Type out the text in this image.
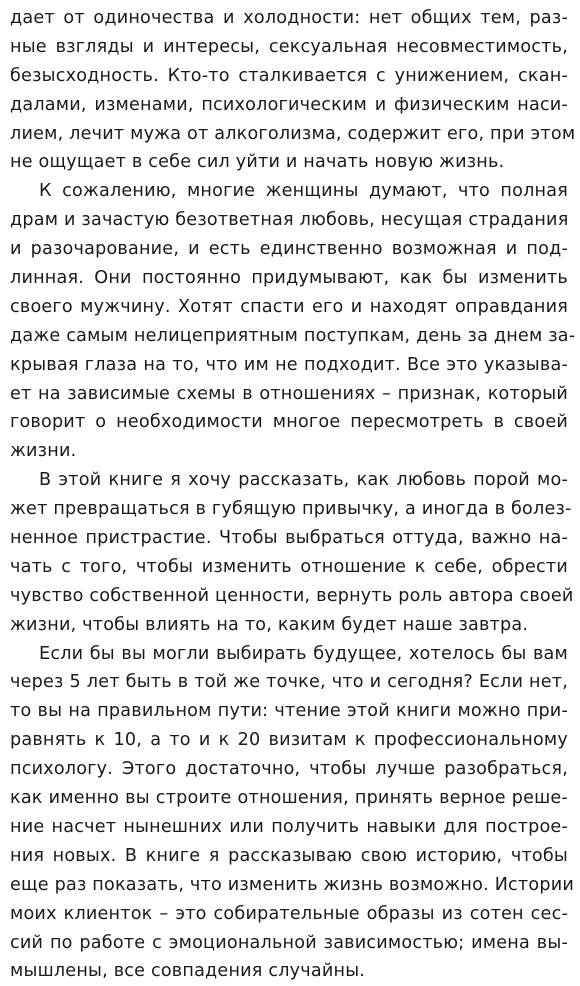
дает от одиночества и холодности: нет общих тем, раз-
ные взгляды и интересы, сексуальная несовместимость,
безысходность. Кто-то сталкивается с унижением, скан-
далами, изменами, психологическим и физическим наси-
лием, лечит мужа от алкоголизма, содержит его, при этом
не ощущает в себе сил уйти и начать новую жизнь.
К сожалению, многие женщины думают, что полная
драм и зачастую безответная любовь, несущая страдания
и разочарование, и есть единственно возможная и под-
линная. Они постоянно придумывают, как бы изменить
своего мужчину. Хотят спасти его и находят оправдания
даже самым нелицеприятным поступкам, день за днем за-
крывая глаза на то, что им не подходит. Все это указыва-
ет на зависимые схемы в отношениях – признак, который
говорит о необходимости многое пересмотреть в своей
жизни.
В этой книге я хочу рассказать, как любовь порой мо-
жет превращаться в губящую привычку, а иногда в болез-
ненное пристрастие. Чтобы выбраться оттуда, важно на-
чать с того, чтобы изменить отношение к себе, обрести
чувство собственной ценности, вернуть роль автора своей
жизни, чтобы влиять на то, каким будет наше завтра.
Если бы вы могли выбирать будущее, хотелось бы вам
через 5 лет быть в той же точке, что и сегодня? Если нет,
то вы на правильном пути: чтение этой книги можно при-
равнять к 10, а то и к 20 визитам к профессиональному
психологу. Этого достаточно, чтобы лучше разобраться,
как именно вы строите отношения, принять верное реше-
ние насчет нынешних или получить навыки для построе-
ния новых. В книге я рассказываю свою историю, чтобы
еще раз показать, что изменить жизнь возможно. Истории
моих клиенток – это собирательные образы из сотен сес-
сий по работе с эмоциональной зависимостью; имена вы-
мышлены, все совпадения случайны.
